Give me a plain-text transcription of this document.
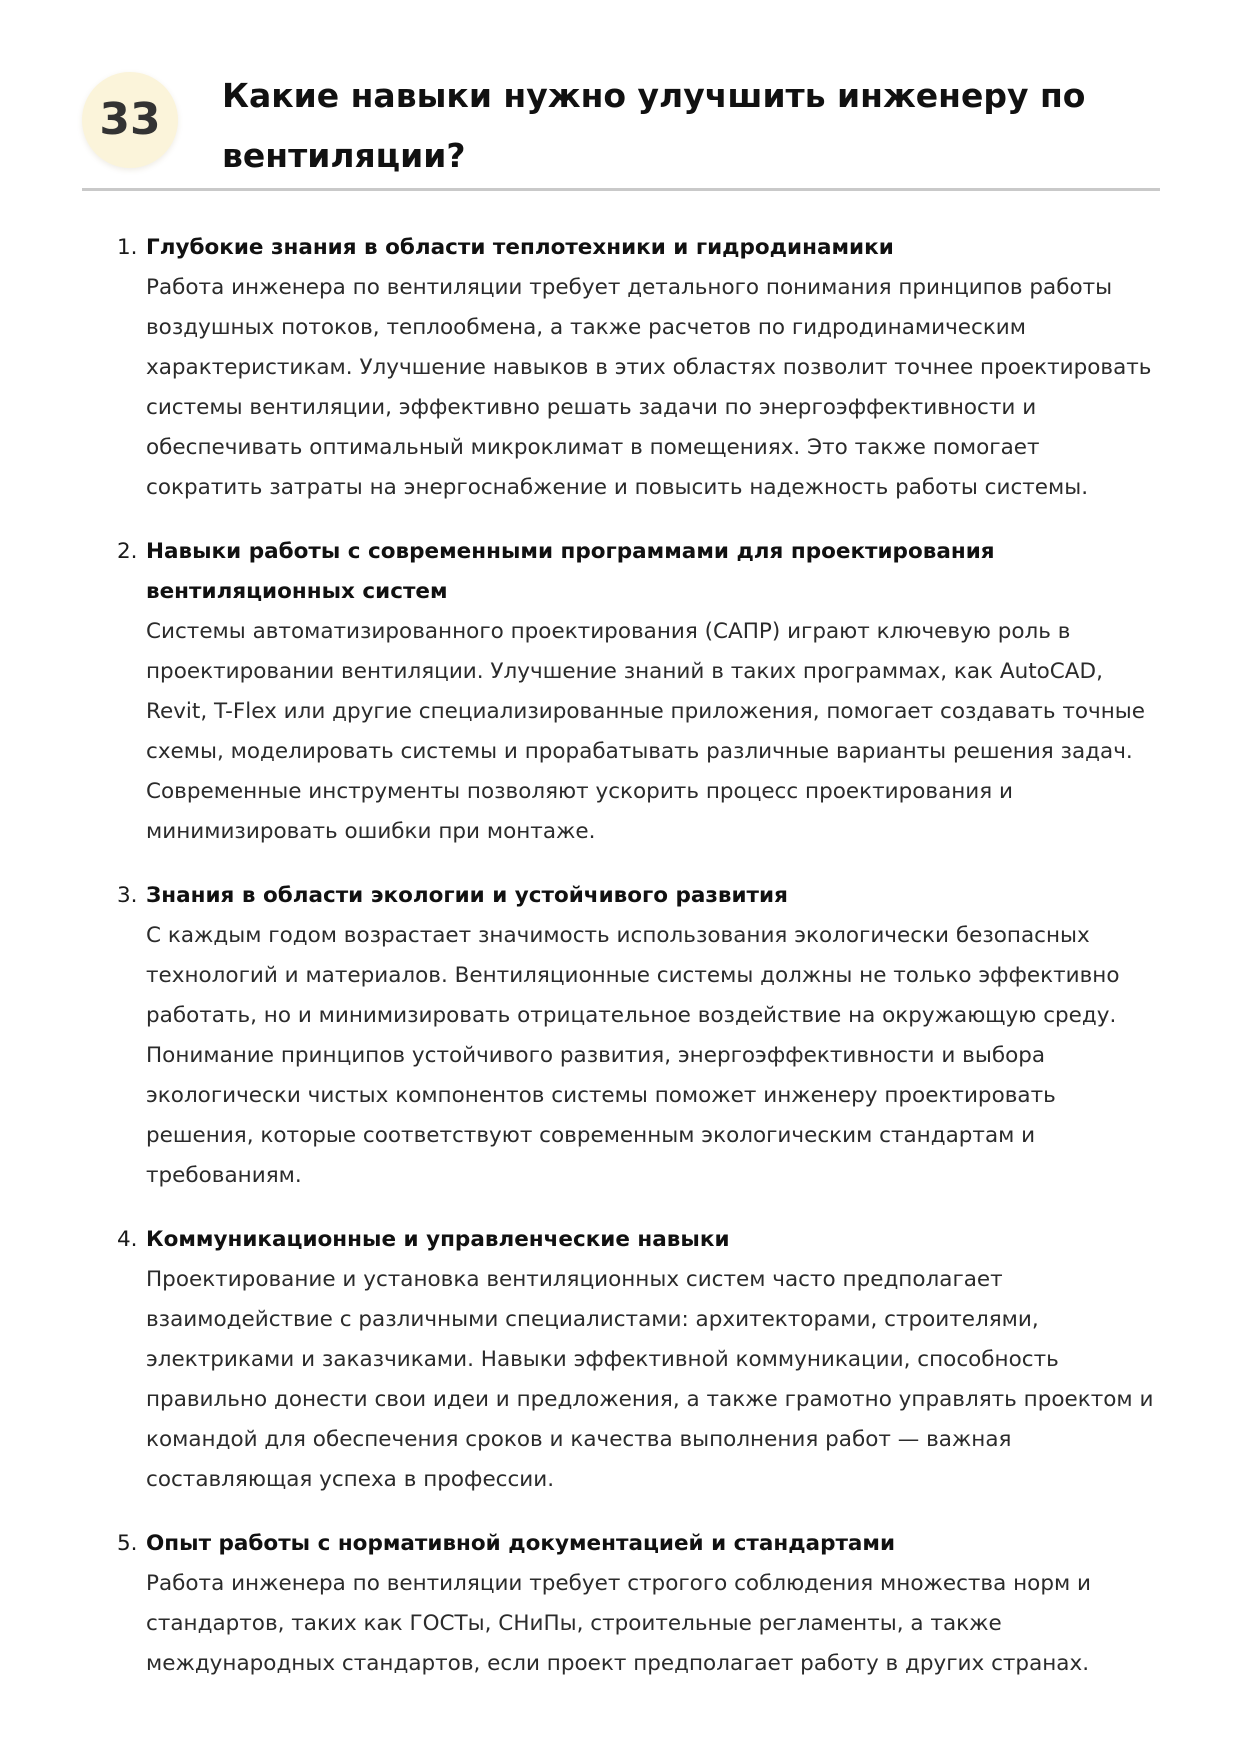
33	Какие навыки нужно улучшить инженеру по вентиляции?
1. Глубокие знания в области теплотехники и гидродинамики

Работа инженера по вентиляции требует детального понимания принципов работы воздушных потоков, теплообмена, а также расчетов по гидродинамическим характеристикам. Улучшение навыков в этих областях позволит точнее проектировать системы вентиляции, эффективно решать задачи по энергоэффективности и обеспечивать оптимальный микроклимат в помещениях. Это также помогает сократить затраты на энергоснабжение и повысить надежность работы системы.

2. Навыки работы с современными программами для проектирования вентиляционных систем

Системы автоматизированного проектирования (САПР) играют ключевую роль в проектировании вентиляции. Улучшение знаний в таких программах, как AutoCAD, Revit, T-Flex или другие специализированные приложения, помогает создавать точные схемы, моделировать системы и прорабатывать различные варианты решения задач. Современные инструменты позволяют ускорить процесс проектирования и минимизировать ошибки при монтаже.

3. Знания в области экологии и устойчивого развития

С каждым годом возрастает значимость использования экологически безопасных технологий и материалов. Вентиляционные системы должны не только эффективно работать, но и минимизировать отрицательное воздействие на окружающую среду. Понимание принципов устойчивого развития, энергоэффективности и выбора экологически чистых компонентов системы поможет инженеру проектировать решения, которые соответствуют современным экологическим стандартам и требованиям.

4. Коммуникационные и управленческие навыки

Проектирование и установка вентиляционных систем часто предполагает взаимодействие с различными специалистами: архитекторами, строителями, электриками и заказчиками. Навыки эффективной коммуникации, способность правильно донести свои идеи и предложения, а также грамотно управлять проектом и командой для обеспечения сроков и качества выполнения работ — важная составляющая успеха в профессии.

5. Опыт работы с нормативной документацией и стандартами

Работа инженера по вентиляции требует строгого соблюдения множества норм и стандартов, таких как ГОСТы, СНиПы, строительные регламенты, а также международных стандартов, если проект предполагает работу в других странах.
